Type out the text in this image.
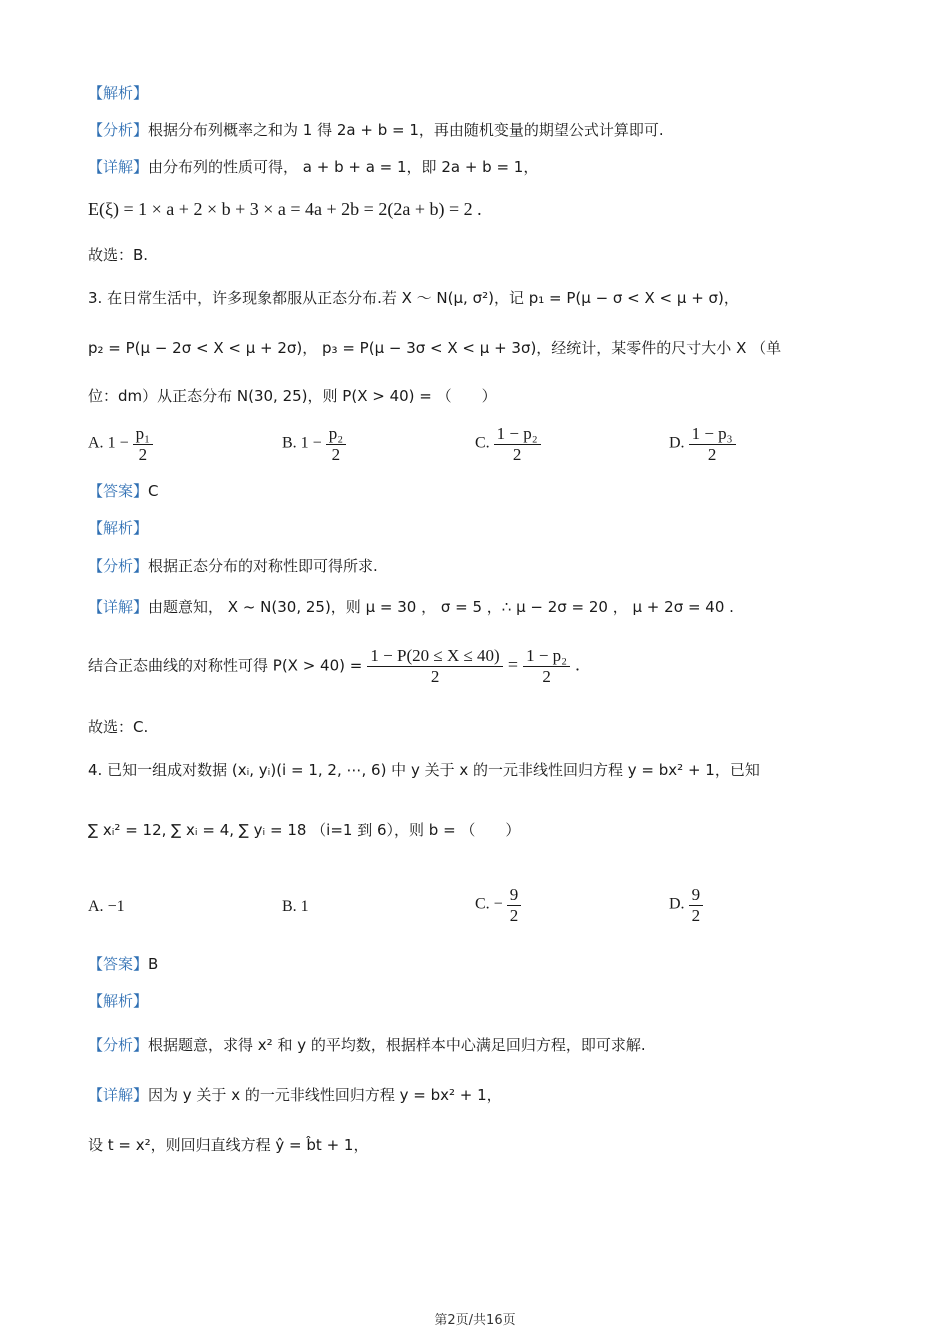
【解析】
【分析】根据分布列概率之和为 1 得 2a + b = 1，再由随机变量的期望公式计算即可.
【详解】由分布列的性质可得， a + b + a = 1，即 2a + b = 1，
E(ξ) = 1 × a + 2 × b + 3 × a = 4a + 2b = 2(2a + b) = 2 .
故选：B.
3. 在日常生活中，许多现象都服从正态分布.若 X ～ N(μ, σ²)，记 p₁ = P(μ − σ < X < μ + σ)，
p₂ = P(μ − 2σ < X < μ + 2σ)， p₃ = P(μ − 3σ < X < μ + 3σ)，经统计，某零件的尺寸大小 X （单
位：dm）从正态分布 N(30, 25)，则 P(X > 40) = （　　）
A. $1 - \frac{\text{p₁}}{2}$	B. $1 - \frac{\text{p₂}}{2}$	C. $\frac{\text{1 − p₂}}{2}$	D. $\frac{\text{1 − p₃}}{2}$
【答案】C
【解析】
【分析】根据正态分布的对称性即可得所求.
【详解】由题意知， X ~ N(30, 25)，则 μ = 30 ， σ = 5 ，∴ μ − 2σ = 20 ， μ + 2σ = 40 .
结合正态曲线的对称性可得 $P(X > 40) = \frac{1 - P(20 \le X \le 40)}{2} = \frac{\text{1 − p₂}}{2}$ .
故选：C.
4. 已知一组成对数据 (xᵢ, yᵢ)(i = 1, 2, ⋯, 6) 中 y 关于 x 的一元非线性回归方程 y = bx² + 1，已知
∑ xᵢ² = 12, ∑ xᵢ = 4, ∑ yᵢ = 18 （i=1 到 6），则 b = （　　）
A. −1	B. 1	C. − $\frac{9}{2}$	D. $\frac{9}{2}$
【答案】B
【解析】
【分析】根据题意，求得 x² 和 y 的平均数，根据样本中心满足回归方程，即可求解.
【详解】因为 y 关于 x 的一元非线性回归方程 y = bx² + 1，
设 t = x²，则回归直线方程 ŷ = b̂t + 1，
第2页/共16页
